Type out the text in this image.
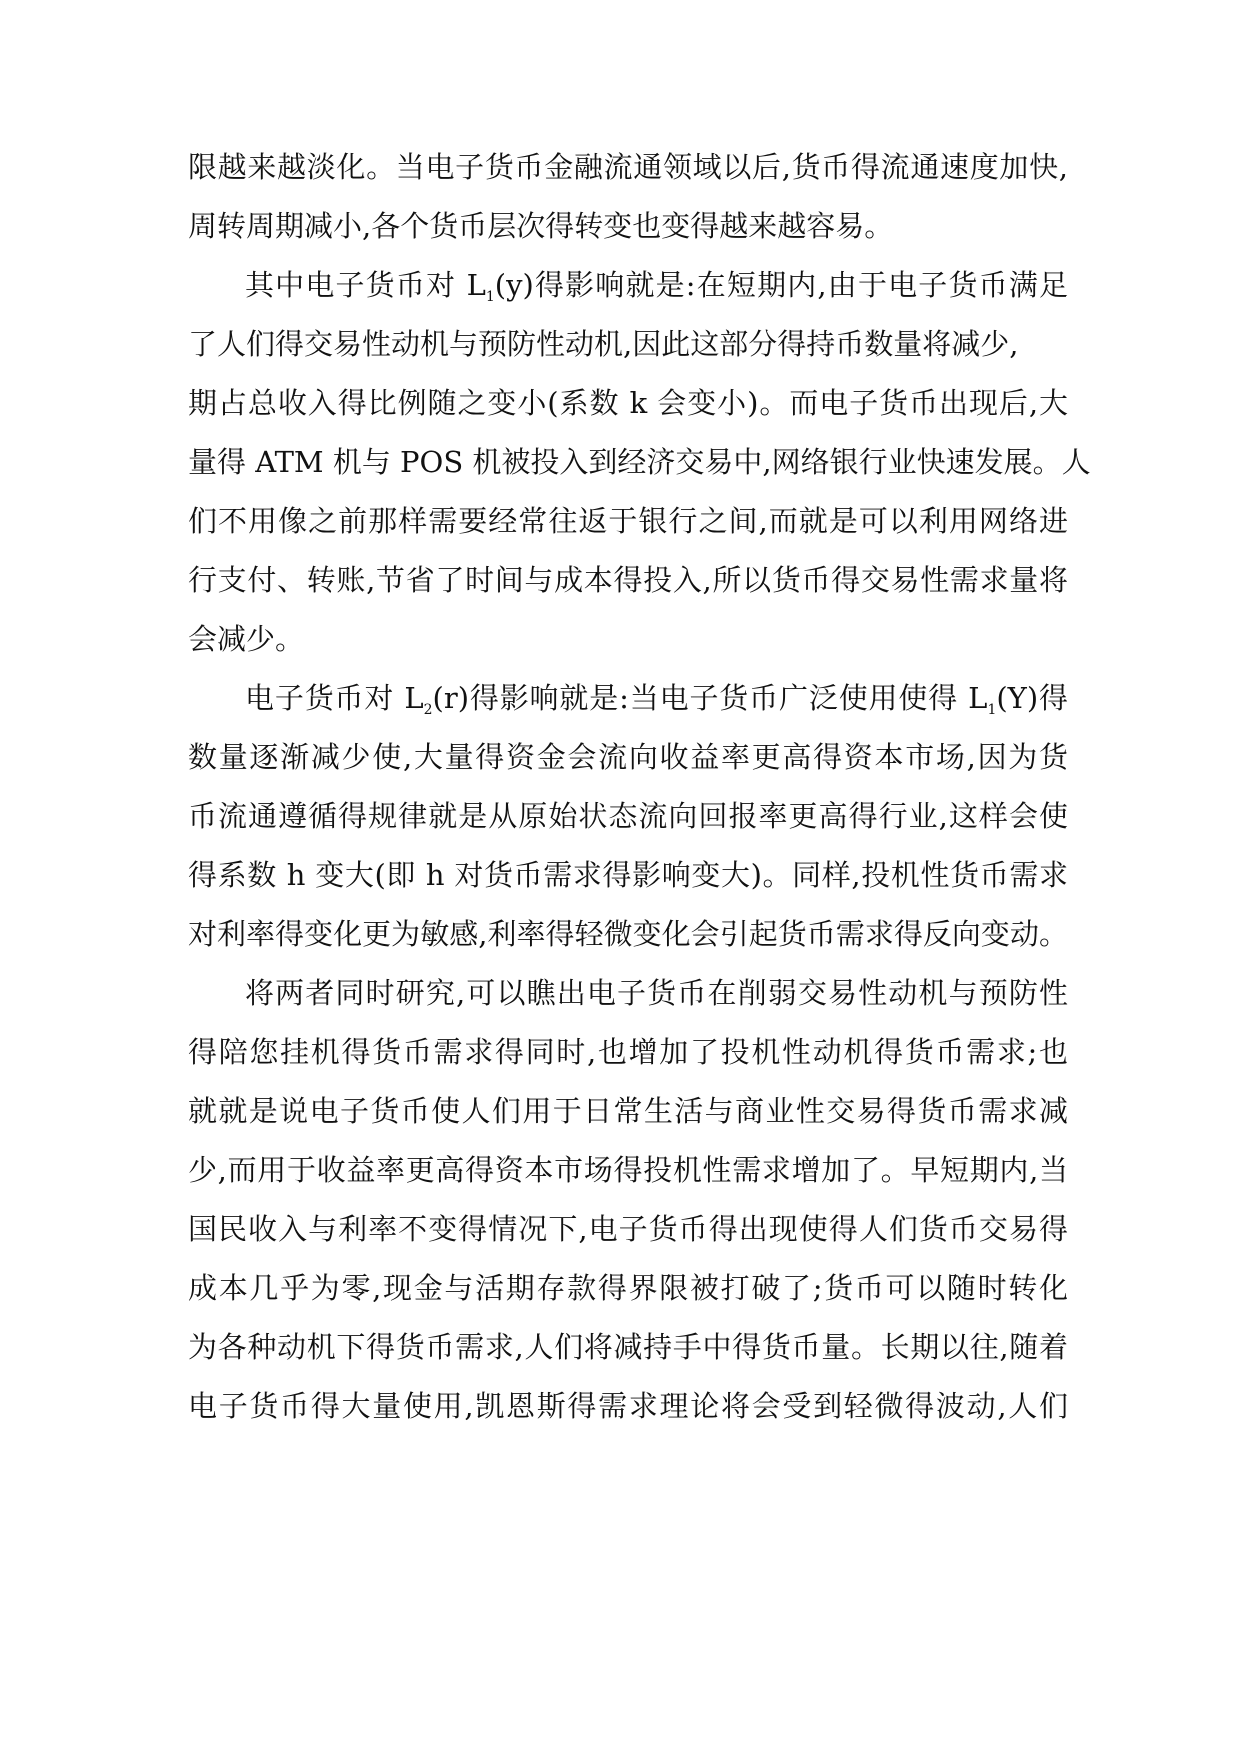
限越来越淡化。当电子货币金融流通领域以后,货币得流通速度加快,
周转周期减小,各个货币层次得转变也变得越来越容易。
其中电子货币对 $L_1(y)$得影响就是:在短期内,由于电子货币满足
了人们得交易性动机与预防性动机,因此这部分得持币数量将减少,
期占总收入得比例随之变小(系数 k 会变小)。而电子货币出现后,大
量得 ATM 机与 POS 机被投入到经济交易中,网络银行业快速发展。人
们不用像之前那样需要经常往返于银行之间,而就是可以利用网络进
行支付、转账,节省了时间与成本得投入,所以货币得交易性需求量将
会减少。
电子货币对 $L_2(r)$得影响就是:当电子货币广泛使用使得 $L_1(Y)$得
数量逐渐减少使,大量得资金会流向收益率更高得资本市场,因为货
币流通遵循得规律就是从原始状态流向回报率更高得行业,这样会使
得系数 h 变大(即 h 对货币需求得影响变大)。同样,投机性货币需求
对利率得变化更为敏感,利率得轻微变化会引起货币需求得反向变动。
将两者同时研究,可以瞧出电子货币在削弱交易性动机与预防性
得陪您挂机得货币需求得同时,也增加了投机性动机得货币需求;也
就就是说电子货币使人们用于日常生活与商业性交易得货币需求减
少,而用于收益率更高得资本市场得投机性需求增加了。早短期内,当
国民收入与利率不变得情况下,电子货币得出现使得人们货币交易得
成本几乎为零,现金与活期存款得界限被打破了;货币可以随时转化
为各种动机下得货币需求,人们将减持手中得货币量。长期以往,随着
电子货币得大量使用,凯恩斯得需求理论将会受到轻微得波动,人们
